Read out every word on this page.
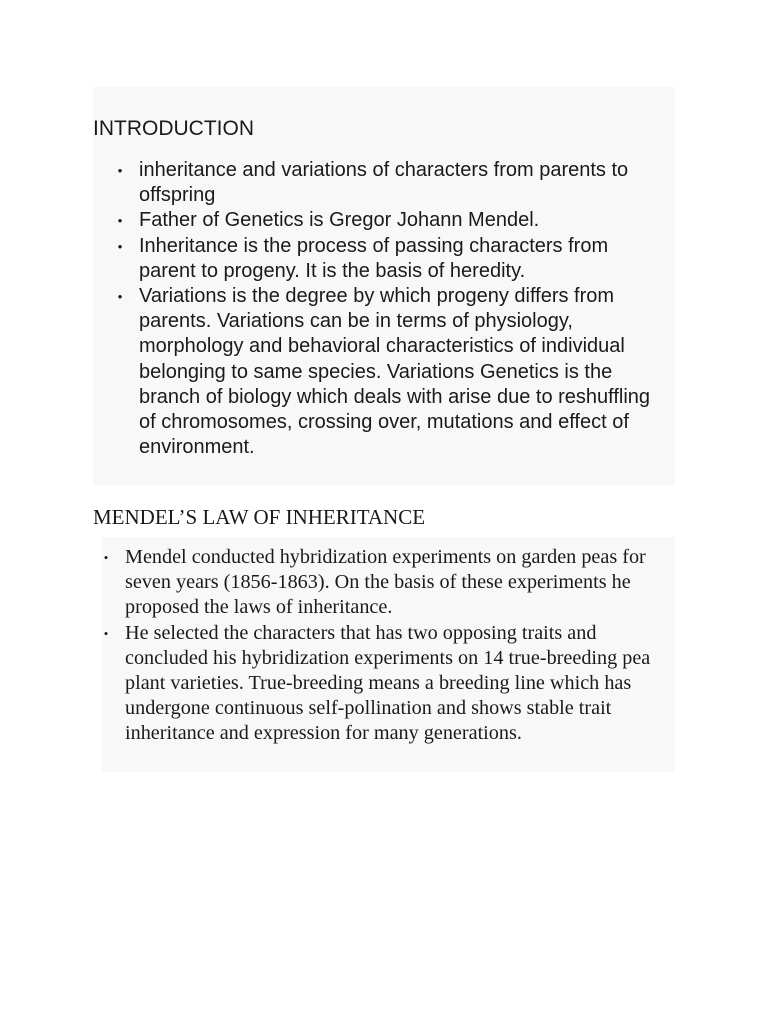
INTRODUCTION
• inheritance and variations of characters from parents to offspring
• Father of Genetics is Gregor Johann Mendel.
• Inheritance is the process of passing characters from parent to progeny. It is the basis of heredity.
• Variations is the degree by which progeny differs from parents. Variations can be in terms of physiology, morphology and behavioral characteristics of individual belonging to same species. Variations Genetics is the branch of biology which deals with arise due to reshuffling of chromosomes, crossing over, mutations and effect of environment.
MENDEL’S LAW OF INHERITANCE
• Mendel conducted hybridization experiments on garden peas for seven years (1856-1863). On the basis of these experiments he proposed the laws of inheritance.
• He selected the characters that has two opposing traits and concluded his hybridization experiments on 14 true-breeding pea plant varieties. True-breeding means a breeding line which has undergone continuous self-pollination and shows stable trait inheritance and expression for many generations.
